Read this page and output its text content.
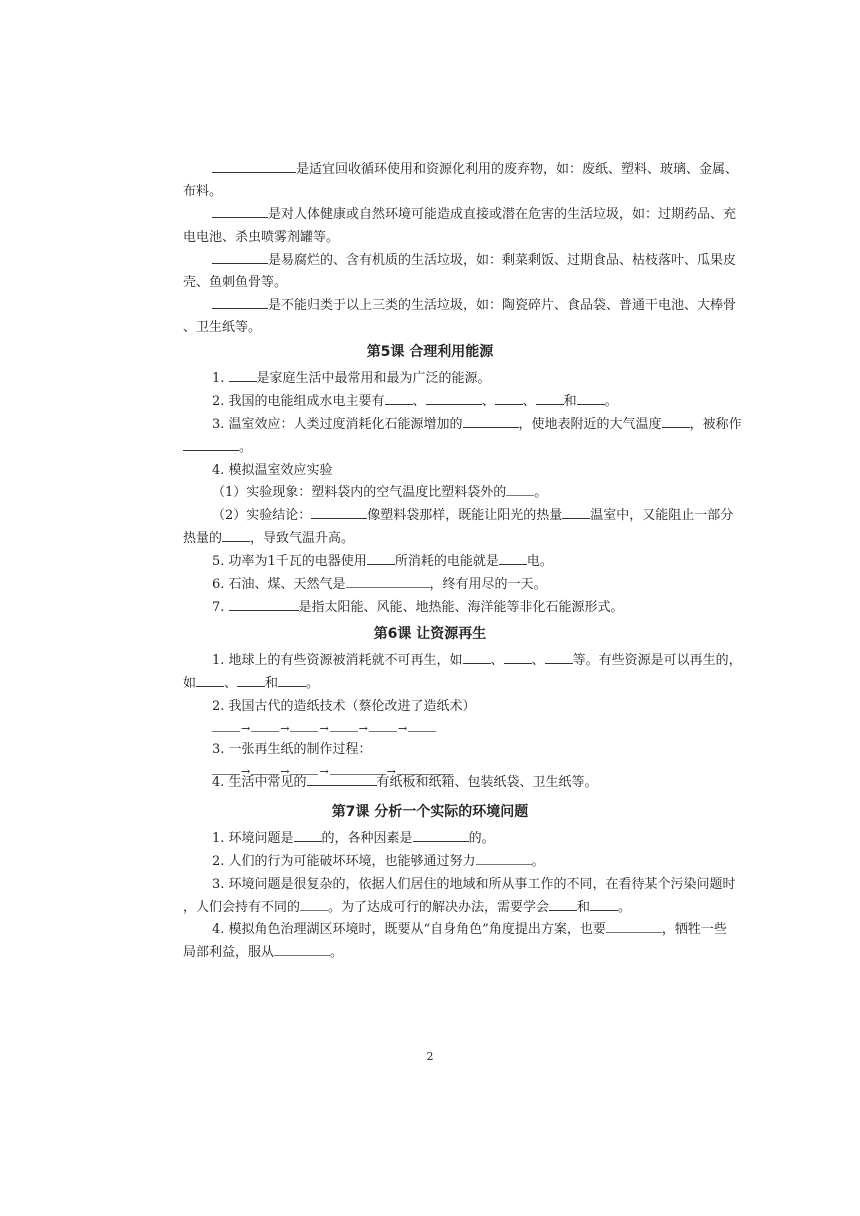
是适宜回收循环使用和资源化利用的废弃物，如：废纸、塑料、玻璃、金属、
布料。
是对人体健康或自然环境可能造成直接或潜在危害的生活垃圾，如：过期药品、充
电电池、杀虫喷雾剂罐等。
是易腐烂的、含有机质的生活垃圾，如：剩菜剩饭、过期食品、枯枝落叶、瓜果皮
壳、鱼刺鱼骨等。
是不能归类于以上三类的生活垃圾，如：陶瓷碎片、食品袋、普通干电池、大棒骨
、卫生纸等。
第5课 合理利用能源
1. 是家庭生活中最常用和最为广泛的能源。
2. 我国的电能组成水电主要有 、	、 、 和 。
3. 温室效应：人类过度消耗化石能源增加的	，使地表附近的大气温度 ，被称作
。
4. 模拟温室效应实验
（1）实验现象：塑料袋内的空气温度比塑料袋外的 。
（2）实验结论：	像塑料袋那样，既能让阳光的热量 温室中，又能阻止一部分
热量的 ，导致气温升高。
5. 功率为1千瓦的电器使用 所消耗的电能就是 电。
6. 石油、煤、天然气是	，终有用尽的一天。
7.	是指太阳能、风能、地热能、海洋能等非化石能源形式。
第6课 让资源再生
1. 地球上的有些资源被消耗就不可再生，如 、 、 等。有些资源是可以再生的，
如 、 和 。
2. 我国古代的造纸技术（蔡伦改进了造纸术）
→	→	→	→	→
3. 一张再生纸的制作过程：
→	→	→	→
4. 生活中常见的	有纸板和纸箱、包装纸袋、卫生纸等。
第7课 分析一个实际的环境问题
1. 环境问题是 的，各种因素是	的。
2. 人们的行为可能破坏环境，也能够通过努力	。
3. 环境问题是很复杂的，依据人们居住的地域和所从事工作的不同，在看待某个污染问题时
，人们会持有不同的 。为了达成可行的解决办法，需要学会 和 。
4. 模拟角色治理湖区环境时，既要从“自身角色”角度提出方案，也要	，牺牲一些
局部利益，服从	。
2
